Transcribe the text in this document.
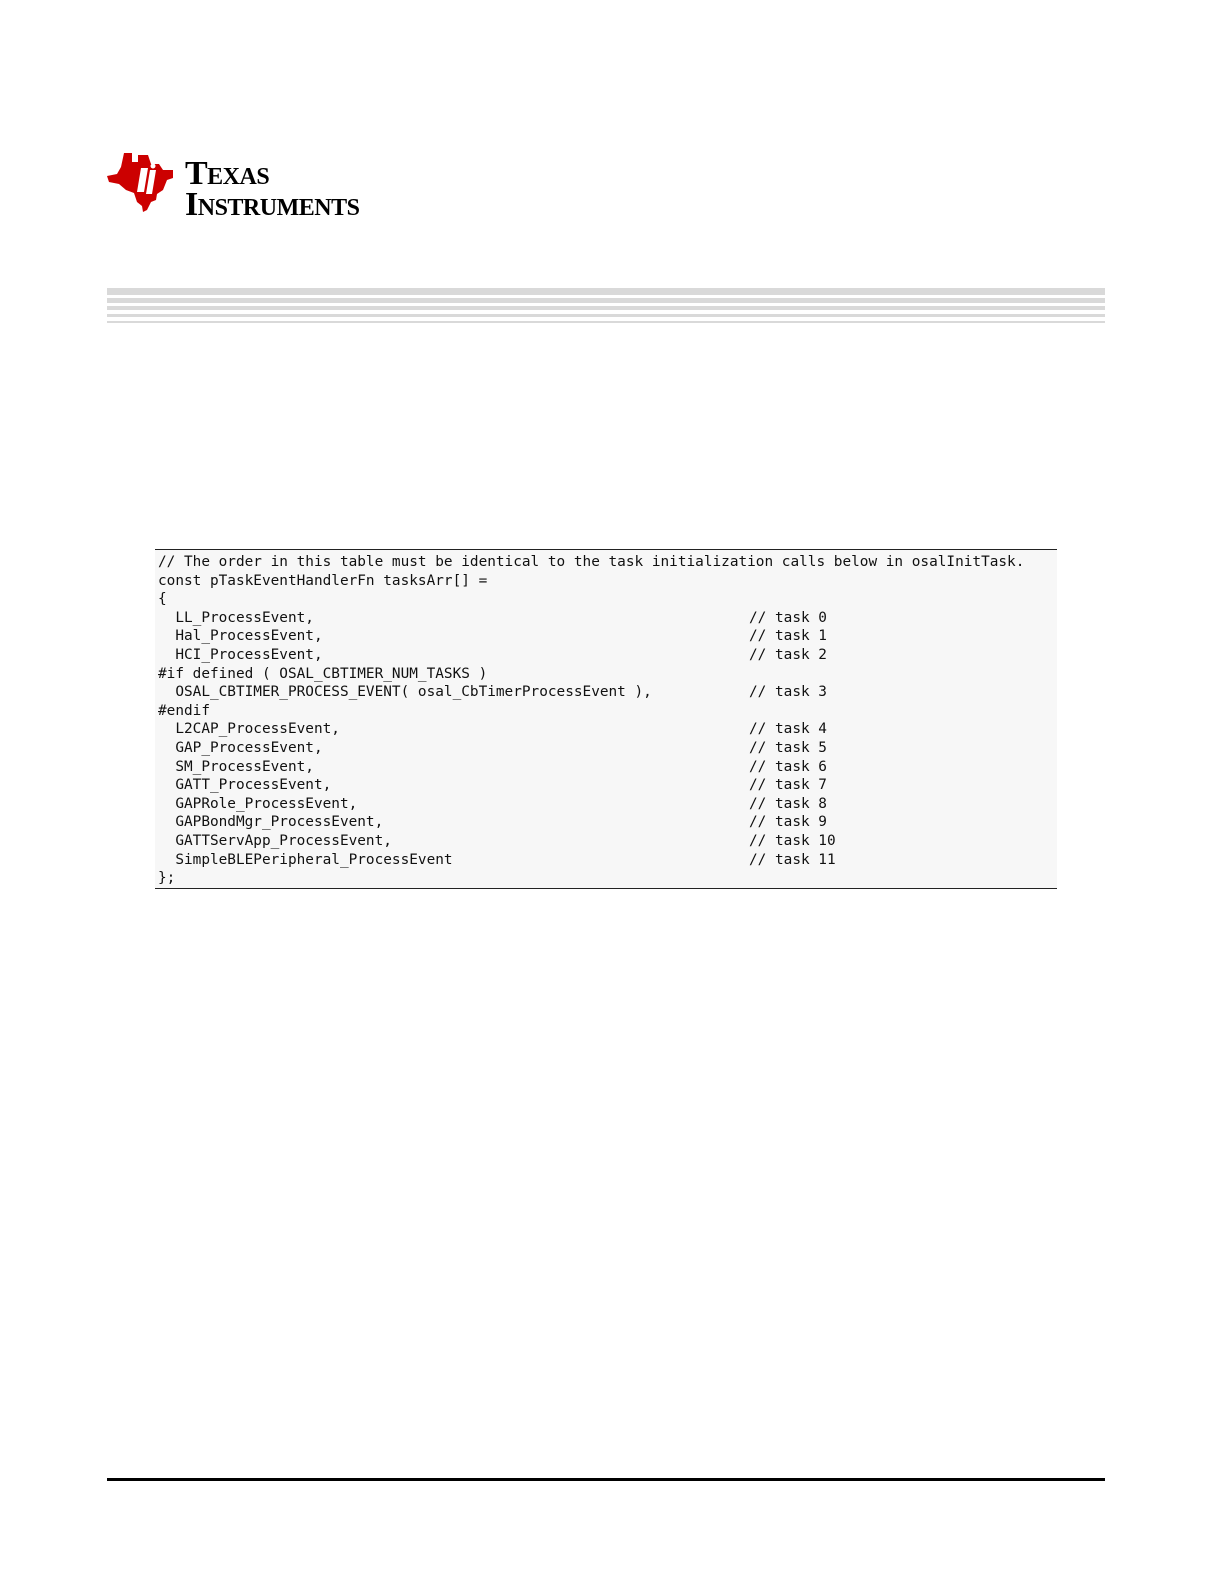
Texas
Instruments
// The order in this table must be identical to the task initialization calls below in osalInitTask.
const pTaskEventHandlerFn tasksArr[] =
{
LL_ProcessEvent,	// task 0
Hal_ProcessEvent,	// task 1
HCI_ProcessEvent,	// task 2
#if defined ( OSAL_CBTIMER_NUM_TASKS )
OSAL_CBTIMER_PROCESS_EVENT( osal_CbTimerProcessEvent ),	// task 3
#endif
L2CAP_ProcessEvent,	// task 4
GAP_ProcessEvent,	// task 5
SM_ProcessEvent,	// task 6
GATT_ProcessEvent,	// task 7
GAPRole_ProcessEvent,	// task 8
GAPBondMgr_ProcessEvent,	// task 9
GATTServApp_ProcessEvent,	// task 10
SimpleBLEPeripheral_ProcessEvent	// task 11
};
